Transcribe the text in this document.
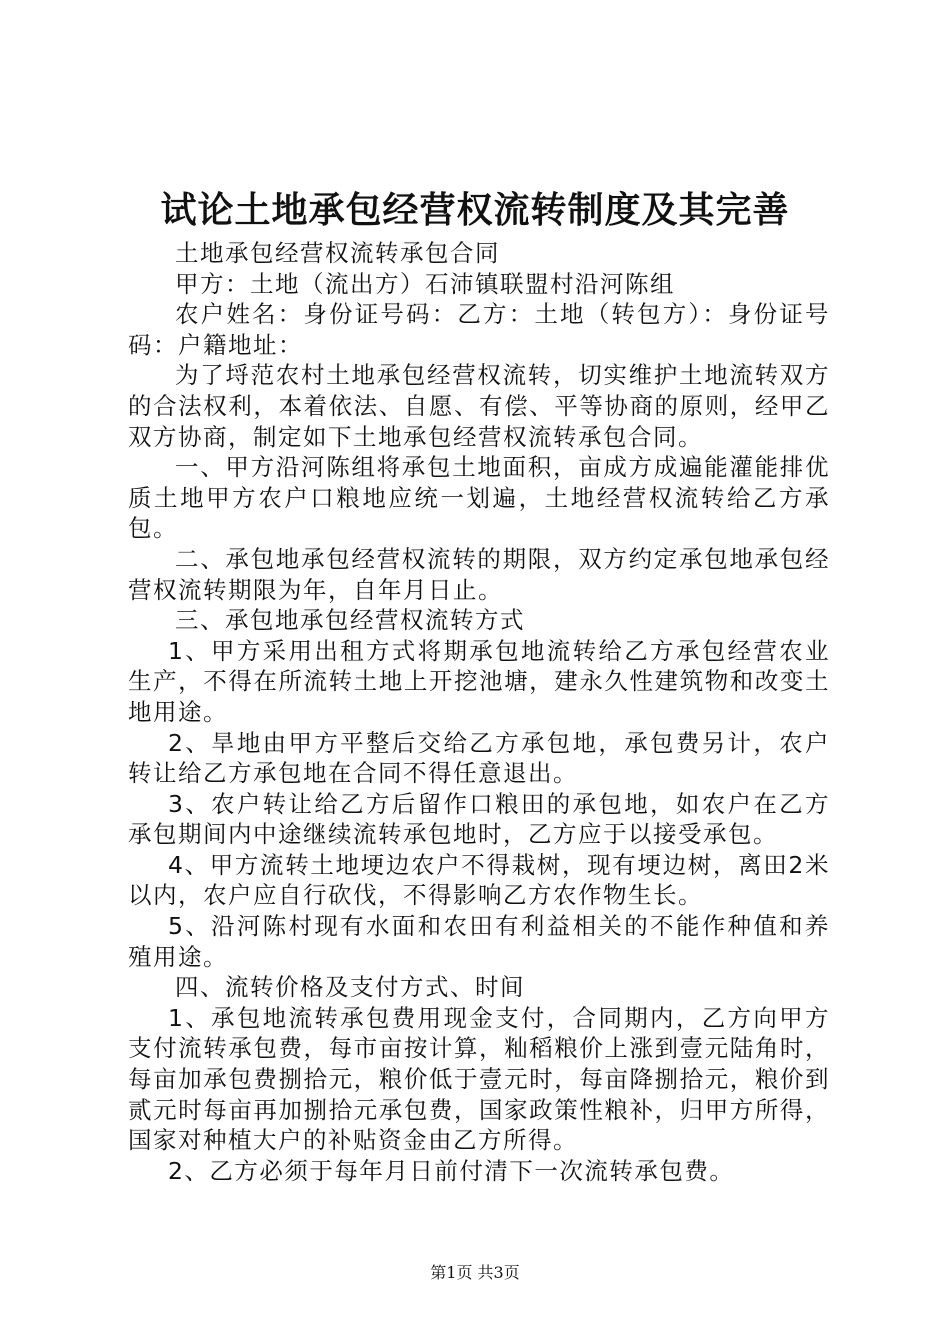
试论土地承包经营权流转制度及其完善

土地承包经营权流转承包合同

甲方：土地（流出方）石沛镇联盟村沿河陈组

农户姓名：身份证号码：乙方：土地（转包方）：身份证号码：户籍地址：

为了埒范农村土地承包经营权流转，切实维护土地流转双方的合法权利，本着依法、自愿、有偿、平等协商的原则，经甲乙双方协商，制定如下土地承包经营权流转承包合同。

一、甲方沿河陈组将承包土地面积，亩成方成遍能灌能排优质土地甲方农户口粮地应统一划遍，土地经营权流转给乙方承包。

二、承包地承包经营权流转的期限，双方约定承包地承包经营权流转期限为年，自年月日止。

三、承包地承包经营权流转方式

1、甲方采用出租方式将期承包地流转给乙方承包经营农业生产，不得在所流转土地上开挖池塘，建永久性建筑物和改变土地用途。

2、旱地由甲方平整后交给乙方承包地，承包费另计，农户转让给乙方承包地在合同不得任意退出。

3、农户转让给乙方后留作口粮田的承包地，如农户在乙方承包期间内中途继续流转承包地时，乙方应于以接受承包。

4、甲方流转土地埂边农户不得栽树，现有埂边树，离田2米以内，农户应自行砍伐，不得影响乙方农作物生长。

5、沿河陈村现有水面和农田有利益相关的不能作种值和养殖用途。

四、流转价格及支付方式、时间

1、承包地流转承包费用现金支付，合同期内，乙方向甲方支付流转承包费，每市亩按计算，籼稻粮价上涨到壹元陆角时，每亩加承包费捌拾元，粮价低于壹元时，每亩降捌拾元，粮价到贰元时每亩再加捌拾元承包费，国家政策性粮补，归甲方所得，国家对种植大户的补贴资金由乙方所得。

2、乙方必须于每年月日前付清下一次流转承包费。

第1页 共3页
